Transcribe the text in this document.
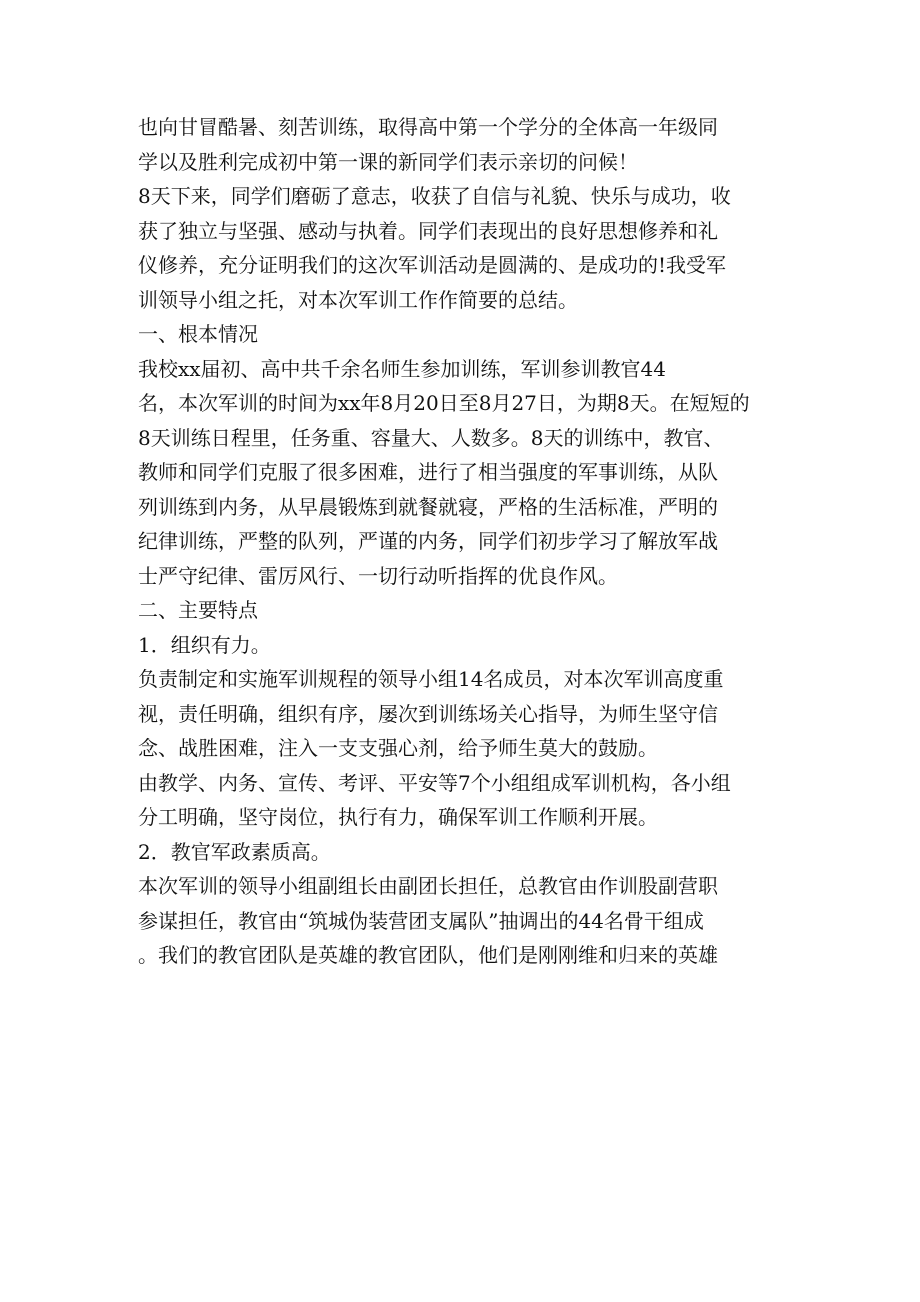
也向甘冒酷暑、刻苦训练，取得高中第一个学分的全体高一年级同
学以及胜利完成初中第一课的新同学们表示亲切的问候！
8天下来，同学们磨砺了意志，收获了自信与礼貌、快乐与成功，收
获了独立与坚强、感动与执着。同学们表现出的良好思想修养和礼
仪修养，充分证明我们的这次军训活动是圆满的、是成功的!我受军
训领导小组之托，对本次军训工作作简要的总结。
一、根本情况
我校xx届初、高中共千余名师生参加训练，军训参训教官44
名，本次军训的时间为xx年8月20日至8月27日，为期8天。在短短的
8天训练日程里，任务重、容量大、人数多。8天的训练中，教官、
教师和同学们克服了很多困难，进行了相当强度的军事训练，从队
列训练到内务，从早晨锻炼到就餐就寝，严格的生活标准，严明的
纪律训练，严整的队列，严谨的内务，同学们初步学习了解放军战
士严守纪律、雷厉风行、一切行动听指挥的优良作风。
二、主要特点
1．组织有力。
负责制定和实施军训规程的领导小组14名成员，对本次军训高度重
视，责任明确，组织有序，屡次到训练场关心指导，为师生坚守信
念、战胜困难，注入一支支强心剂，给予师生莫大的鼓励。
由教学、内务、宣传、考评、平安等7个小组组成军训机构，各小组
分工明确，坚守岗位，执行有力，确保军训工作顺利开展。
2．教官军政素质高。
本次军训的领导小组副组长由副团长担任，总教官由作训股副营职
参谋担任，教官由“筑城伪装营团支属队”抽调出的44名骨干组成
。我们的教官团队是英雄的教官团队，他们是刚刚维和归来的英雄
